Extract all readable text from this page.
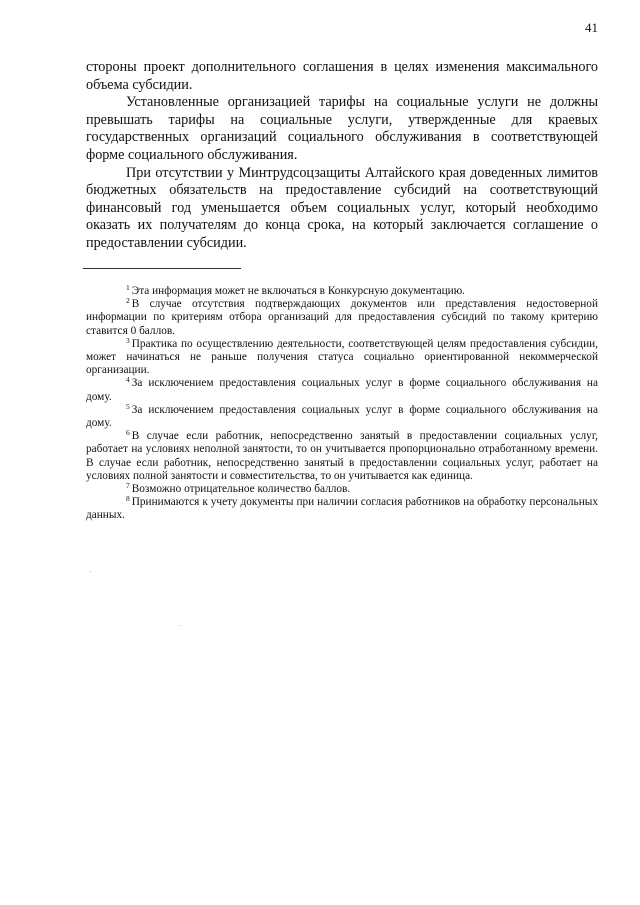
41

стороны проект дополнительного соглашения в целях изменения максимального объема субсидии.

Установленные организацией тарифы на социальные услуги не должны превышать тарифы на социальные услуги, утвержденные для краевых государственных организаций социального обслуживания в соответствующей форме социального обслуживания.

При отсутствии у Минтрудсоцзащиты Алтайского края доведенных лимитов бюджетных обязательств на предоставление субсидий на соответствующий финансовый год уменьшается объем социальных услуг, который необходимо оказать их получателям до конца срока, на который заключается соглашение о предоставлении субсидии.

$^1$ Эта информация может не включаться в Конкурсную документацию.

$^2$ В случае отсутствия подтверждающих документов или представления недостоверной информации по критериям отбора организаций для предоставления субсидий по такому критерию ставится 0 баллов.

$^3$ Практика по осуществлению деятельности, соответствующей целям предоставления субсидии, может начинаться не раньше получения статуса социально ориентированной некоммерческой организации.

$^4$ За исключением предоставления социальных услуг в форме социального обслуживания на дому.

$^5$ За исключением предоставления социальных услуг в форме социального обслуживания на дому.

$^6$ В случае если работник, непосредственно занятый в предоставлении социальных услуг, работает на условиях неполной занятости, то он учитывается пропорционально отработанному времени. В случае если работник, непосредственно занятый в предоставлении социальных услуг, работает на условиях полной занятости и совместительства, то он учитывается как единица.

$^7$ Возможно отрицательное количество баллов.

$^8$ Принимаются к учету документы при наличии согласия работников на обработку персональных данных.
